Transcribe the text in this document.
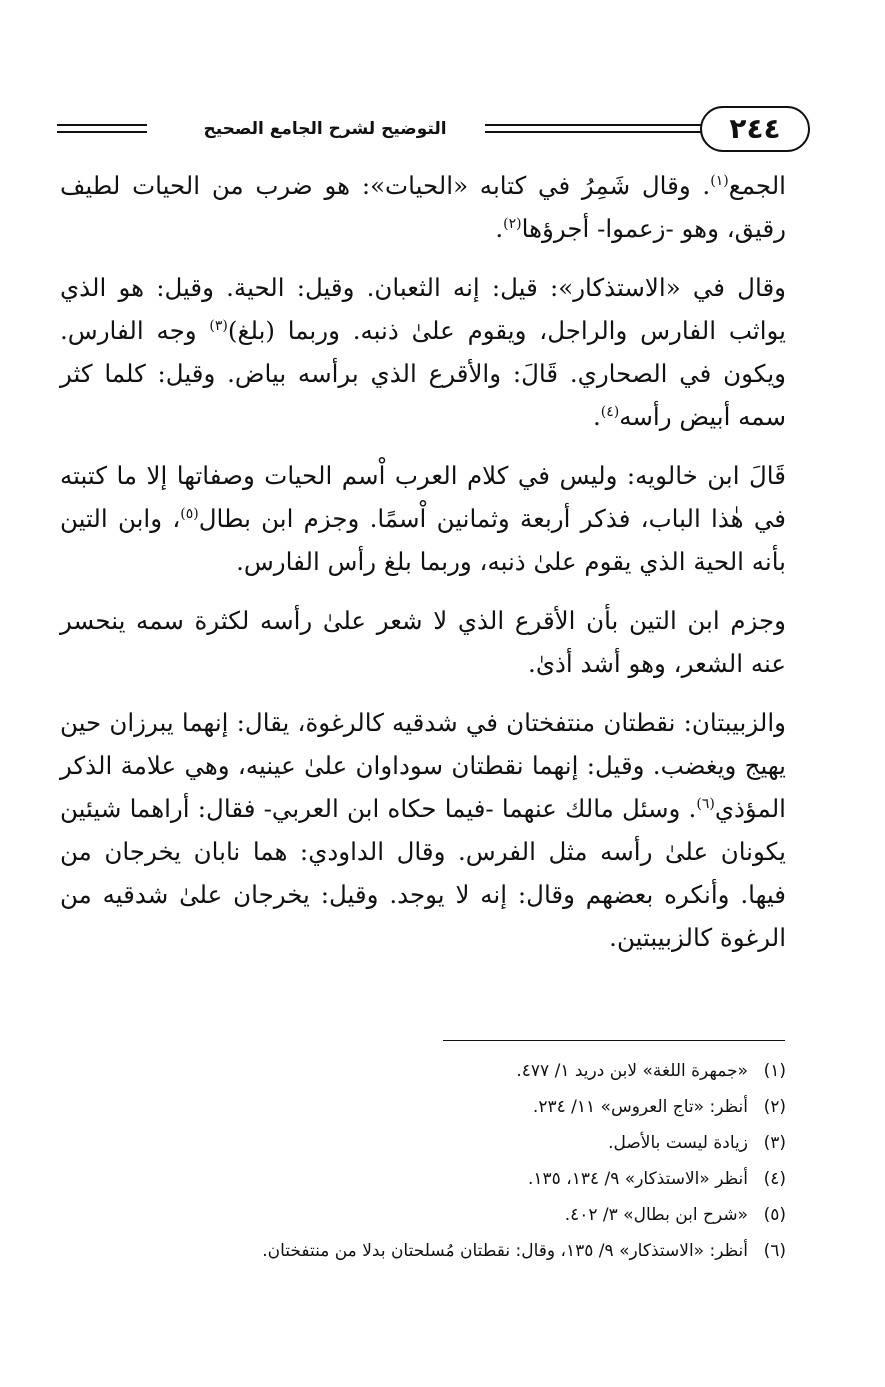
التوضيح لشرح الجامع الصحيح	٢٤٤

الجمع$^{(١)}$. وقال شَمِرُ في كتابه «الحيات»: هو ضرب من الحيات لطيف رقيق، وهو -زعموا- أجرؤها$^{(٢)}$.

وقال في «الاستذكار»: قيل: إنه الثعبان. وقيل: الحية. وقيل: هو الذي يواثب الفارس والراجل، ويقوم علىٰ ذنبه. وربما (بلغ)$^{(٣)}$ وجه الفارس. ويكون في الصحاري. قَالَ: والأقرع الذي برأسه بياض. وقيل: كلما كثر سمه أبيض رأسه$^{(٤)}$.

قَالَ ابن خالويه: وليس في كلام العرب اْسم الحيات وصفاتها إلا ما كتبته في هٰذا الباب، فذكر أربعة وثمانين اْسمًا. وجزم ابن بطال$^{(٥)}$، وابن التين بأنه الحية الذي يقوم علىٰ ذنبه، وربما بلغ رأس الفارس.

وجزم ابن التين بأن الأقرع الذي لا شعر علىٰ رأسه لكثرة سمه ينحسر عنه الشعر، وهو أشد أذىٰ.

والزبيبتان: نقطتان منتفختان في شدقيه كالرغوة، يقال: إنهما يبرزان حين يهيج ويغضب. وقيل: إنهما نقطتان سوداوان علىٰ عينيه، وهي علامة الذكر المؤذي$^{(٦)}$. وسئل مالك عنهما -فيما حكاه ابن العربي- فقال: أراهما شيئين يكونان علىٰ رأسه مثل الفرس. وقال الداودي: هما نابان يخرجان من فيها. وأنكره بعضهم وقال: إنه لا يوجد. وقيل: يخرجان علىٰ شدقيه من الرغوة كالزبيبتين.

(١)
«جمهرة اللغة» لابن دريد ١/ ٤٧٧.
(٢)
أنظر: «تاج العروس» ١١/ ٢٣٤.
(٣)
زيادة ليست بالأصل.
(٤)
أنظر «الاستذكار» ٩/ ١٣٤، ١٣٥.
(٥)
«شرح ابن بطال» ٣/ ٤٠٢.
(٦)
أنظر: «الاستذكار» ٩/ ١٣٥، وقال: نقطتان مُسلحتان بدلا من منتفختان.
